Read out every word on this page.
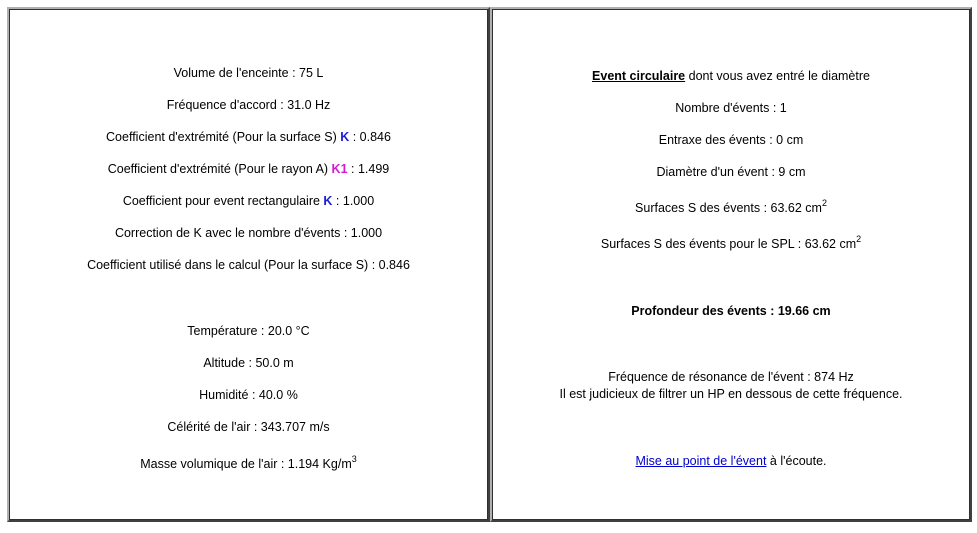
Volume de l'enceinte : 75 L
Fréquence d'accord : 31.0 Hz
Coefficient d'extrémité (Pour la surface S) K : 0.846
Coefficient d'extrémité (Pour le rayon A) K1 : 1.499
Coefficient pour event rectangulaire K : 1.000
Correction de K avec le nombre d'évents : 1.000
Coefficient utilisé dans le calcul (Pour la surface S) : 0.846
Température : 20.0 °C
Altitude : 50.0 m
Humidité : 40.0 %
Célérité de l'air : 343.707 m/s
Masse volumique de l'air : 1.194 $Kg/m^3$
Event circulaire dont vous avez entré le diamètre
Nombre d'évents : 1
Entraxe des évents : 0 cm
Diamètre d'un évent : 9 cm
Surfaces S des évents : 63.62 $cm^2$
Surfaces S des évents pour le SPL : 63.62 $cm^2$
Profondeur des évents : 19.66 cm
Fréquence de résonance de l'évent : 874 Hz
Il est judicieux de filtrer un HP en dessous de cette fréquence.
Mise au point de l'évent à l'écoute.
